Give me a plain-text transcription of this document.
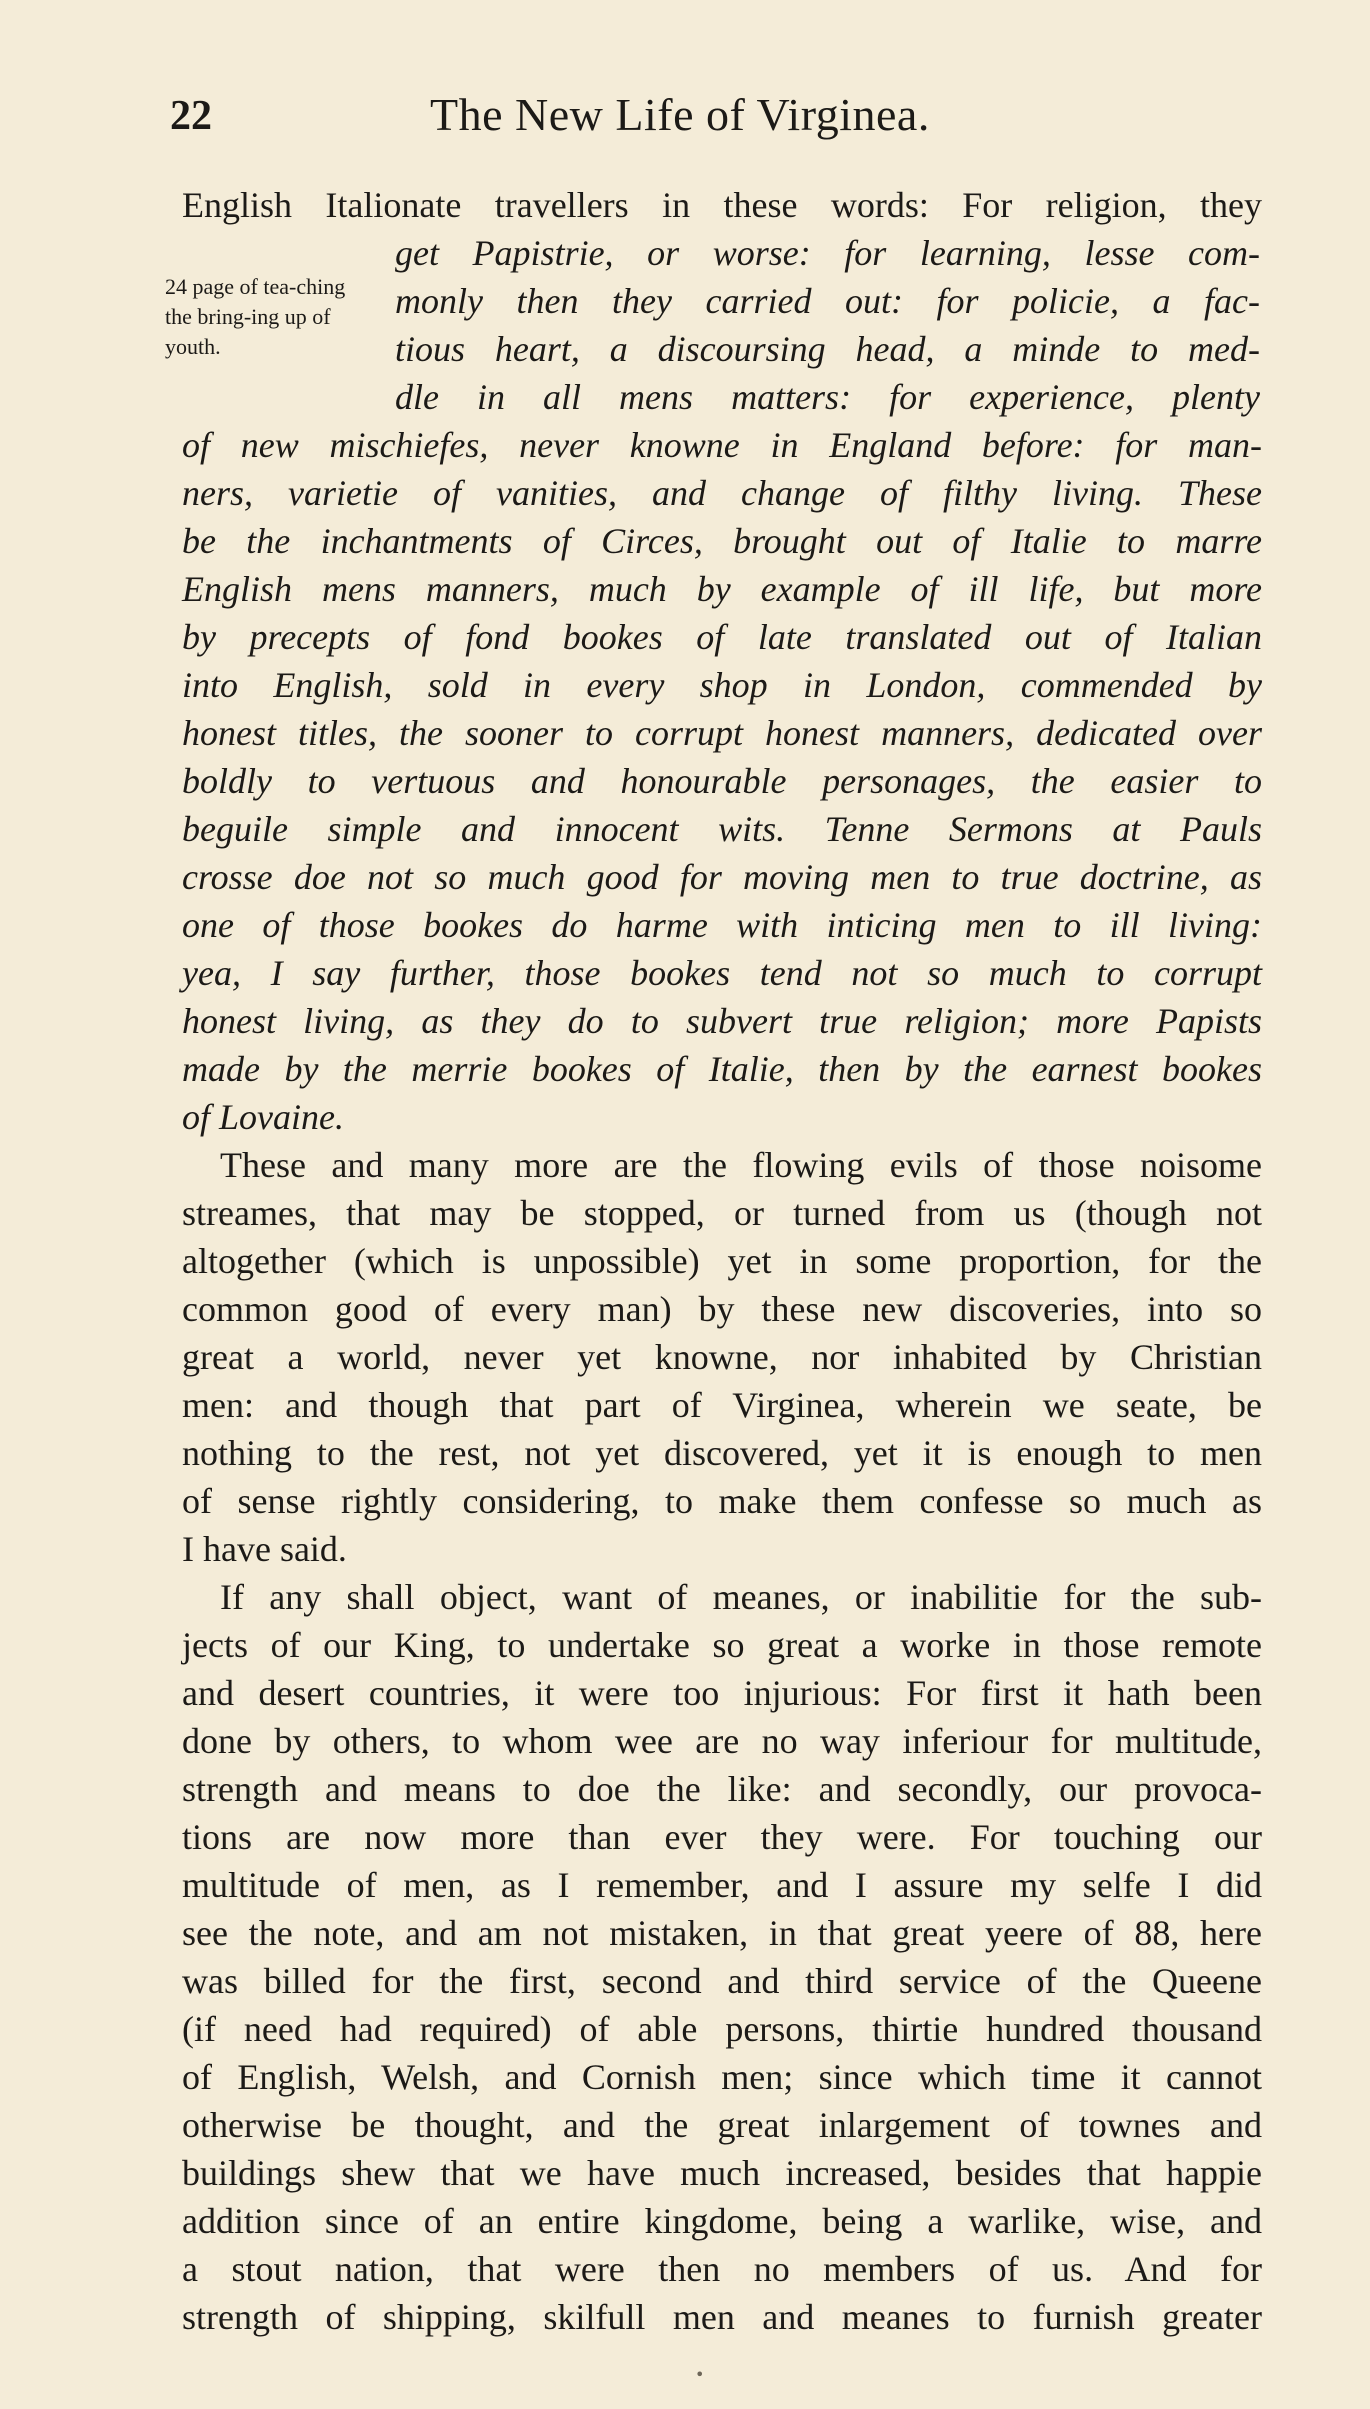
22	The New Life of Virginea.
24 page of tea-ching the bring-ing up of youth.
English Italionate travellers in these words: For religion, they
get Papistrie, or worse: for learning, lesse com-
monly then they carried out: for policie, a fac-
tious heart, a discoursing head, a minde to med-
dle in all mens matters: for experience, plenty
of new mischiefes, never knowne in England before: for man-
ners, varietie of vanities, and change of filthy living. These
be the inchantments of Circes, brought out of Italie to marre
English mens manners, much by example of ill life, but more
by precepts of fond bookes of late translated out of Italian
into English, sold in every shop in London, commended by
honest titles, the sooner to corrupt honest manners, dedicated over
boldly to vertuous and honourable personages, the easier to
beguile simple and innocent wits. Tenne Sermons at Pauls
crosse doe not so much good for moving men to true doctrine, as
one of those bookes do harme with inticing men to ill living:
yea, I say further, those bookes tend not so much to corrupt
honest living, as they do to subvert true religion; more Papists
made by the merrie bookes of Italie, then by the earnest bookes
of Lovaine.
These and many more are the flowing evils of those noisome
streames, that may be stopped, or turned from us (though not
altogether (which is unpossible) yet in some proportion, for the
common good of every man) by these new discoveries, into so
great a world, never yet knowne, nor inhabited by Christian
men: and though that part of Virginea, wherein we seate, be
nothing to the rest, not yet discovered, yet it is enough to men
of sense rightly considering, to make them confesse so much as
I have said.
If any shall object, want of meanes, or inabilitie for the sub-
jects of our King, to undertake so great a worke in those remote
and desert countries, it were too injurious: For first it hath been
done by others, to whom wee are no way inferiour for multitude,
strength and means to doe the like: and secondly, our provoca-
tions are now more than ever they were. For touching our
multitude of men, as I remember, and I assure my selfe I did
see the note, and am not mistaken, in that great yeere of 88, here
was billed for the first, second and third service of the Queene
(if need had required) of able persons, thirtie hundred thousand
of English, Welsh, and Cornish men; since which time it cannot
otherwise be thought, and the great inlargement of townes and
buildings shew that we have much increased, besides that happie
addition since of an entire kingdome, being a warlike, wise, and
a stout nation, that were then no members of us. And for
strength of shipping, skilfull men and meanes to furnish greater
•
